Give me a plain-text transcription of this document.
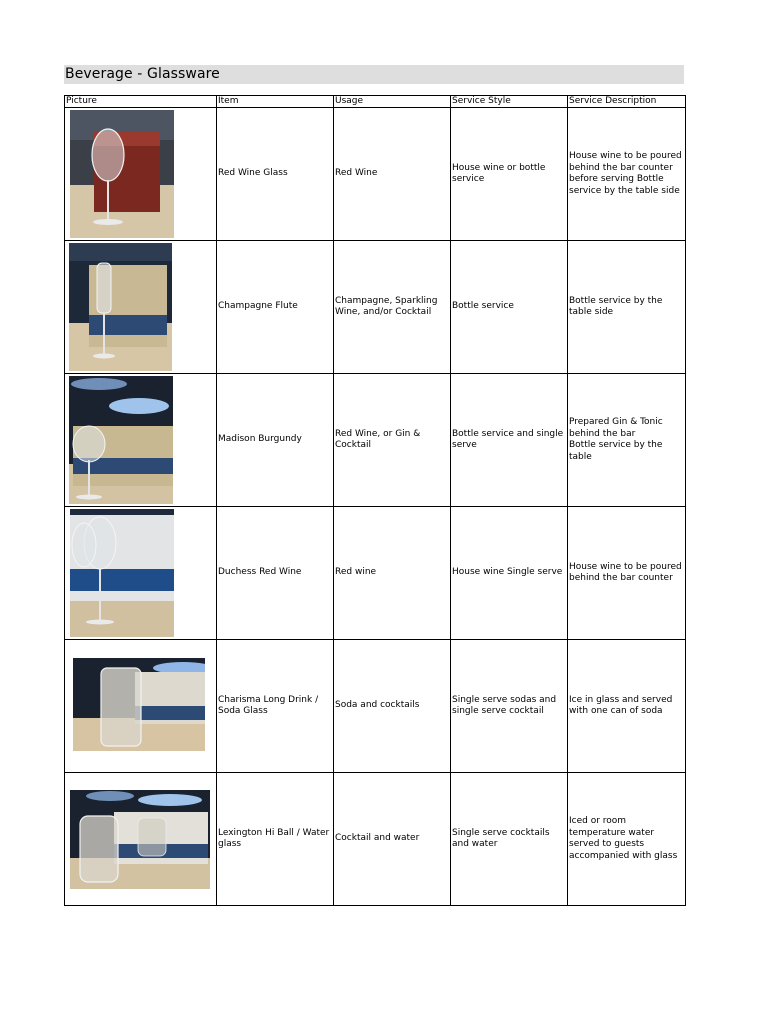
Beverage - Glassware
Picture	Item	Usage	Service Style	Service Description

	Red Wine Glass	Red Wine	House wine or bottle service	House wine to be poured behind the bar counter before serving Bottle service by the table side

	Champagne Flute	Champagne, Sparkling Wine, and/or Cocktail	Bottle service	Bottle service by the table side

	Madison Burgundy	Red Wine, or Gin & Cocktail	Bottle service and single serve	Prepared Gin & Tonic behind the bar
Bottle service by the table

	Duchess Red Wine	Red wine	House wine Single serve	House wine to be poured behind the bar counter

	Charisma Long Drink / Soda Glass	Soda and cocktails	Single serve sodas and single serve cocktail	Ice in glass and served with one can of soda

	Lexington Hi Ball / Water glass	Cocktail and water	Single serve cocktails and water	Iced or room temperature water served to guests accompanied with glass
